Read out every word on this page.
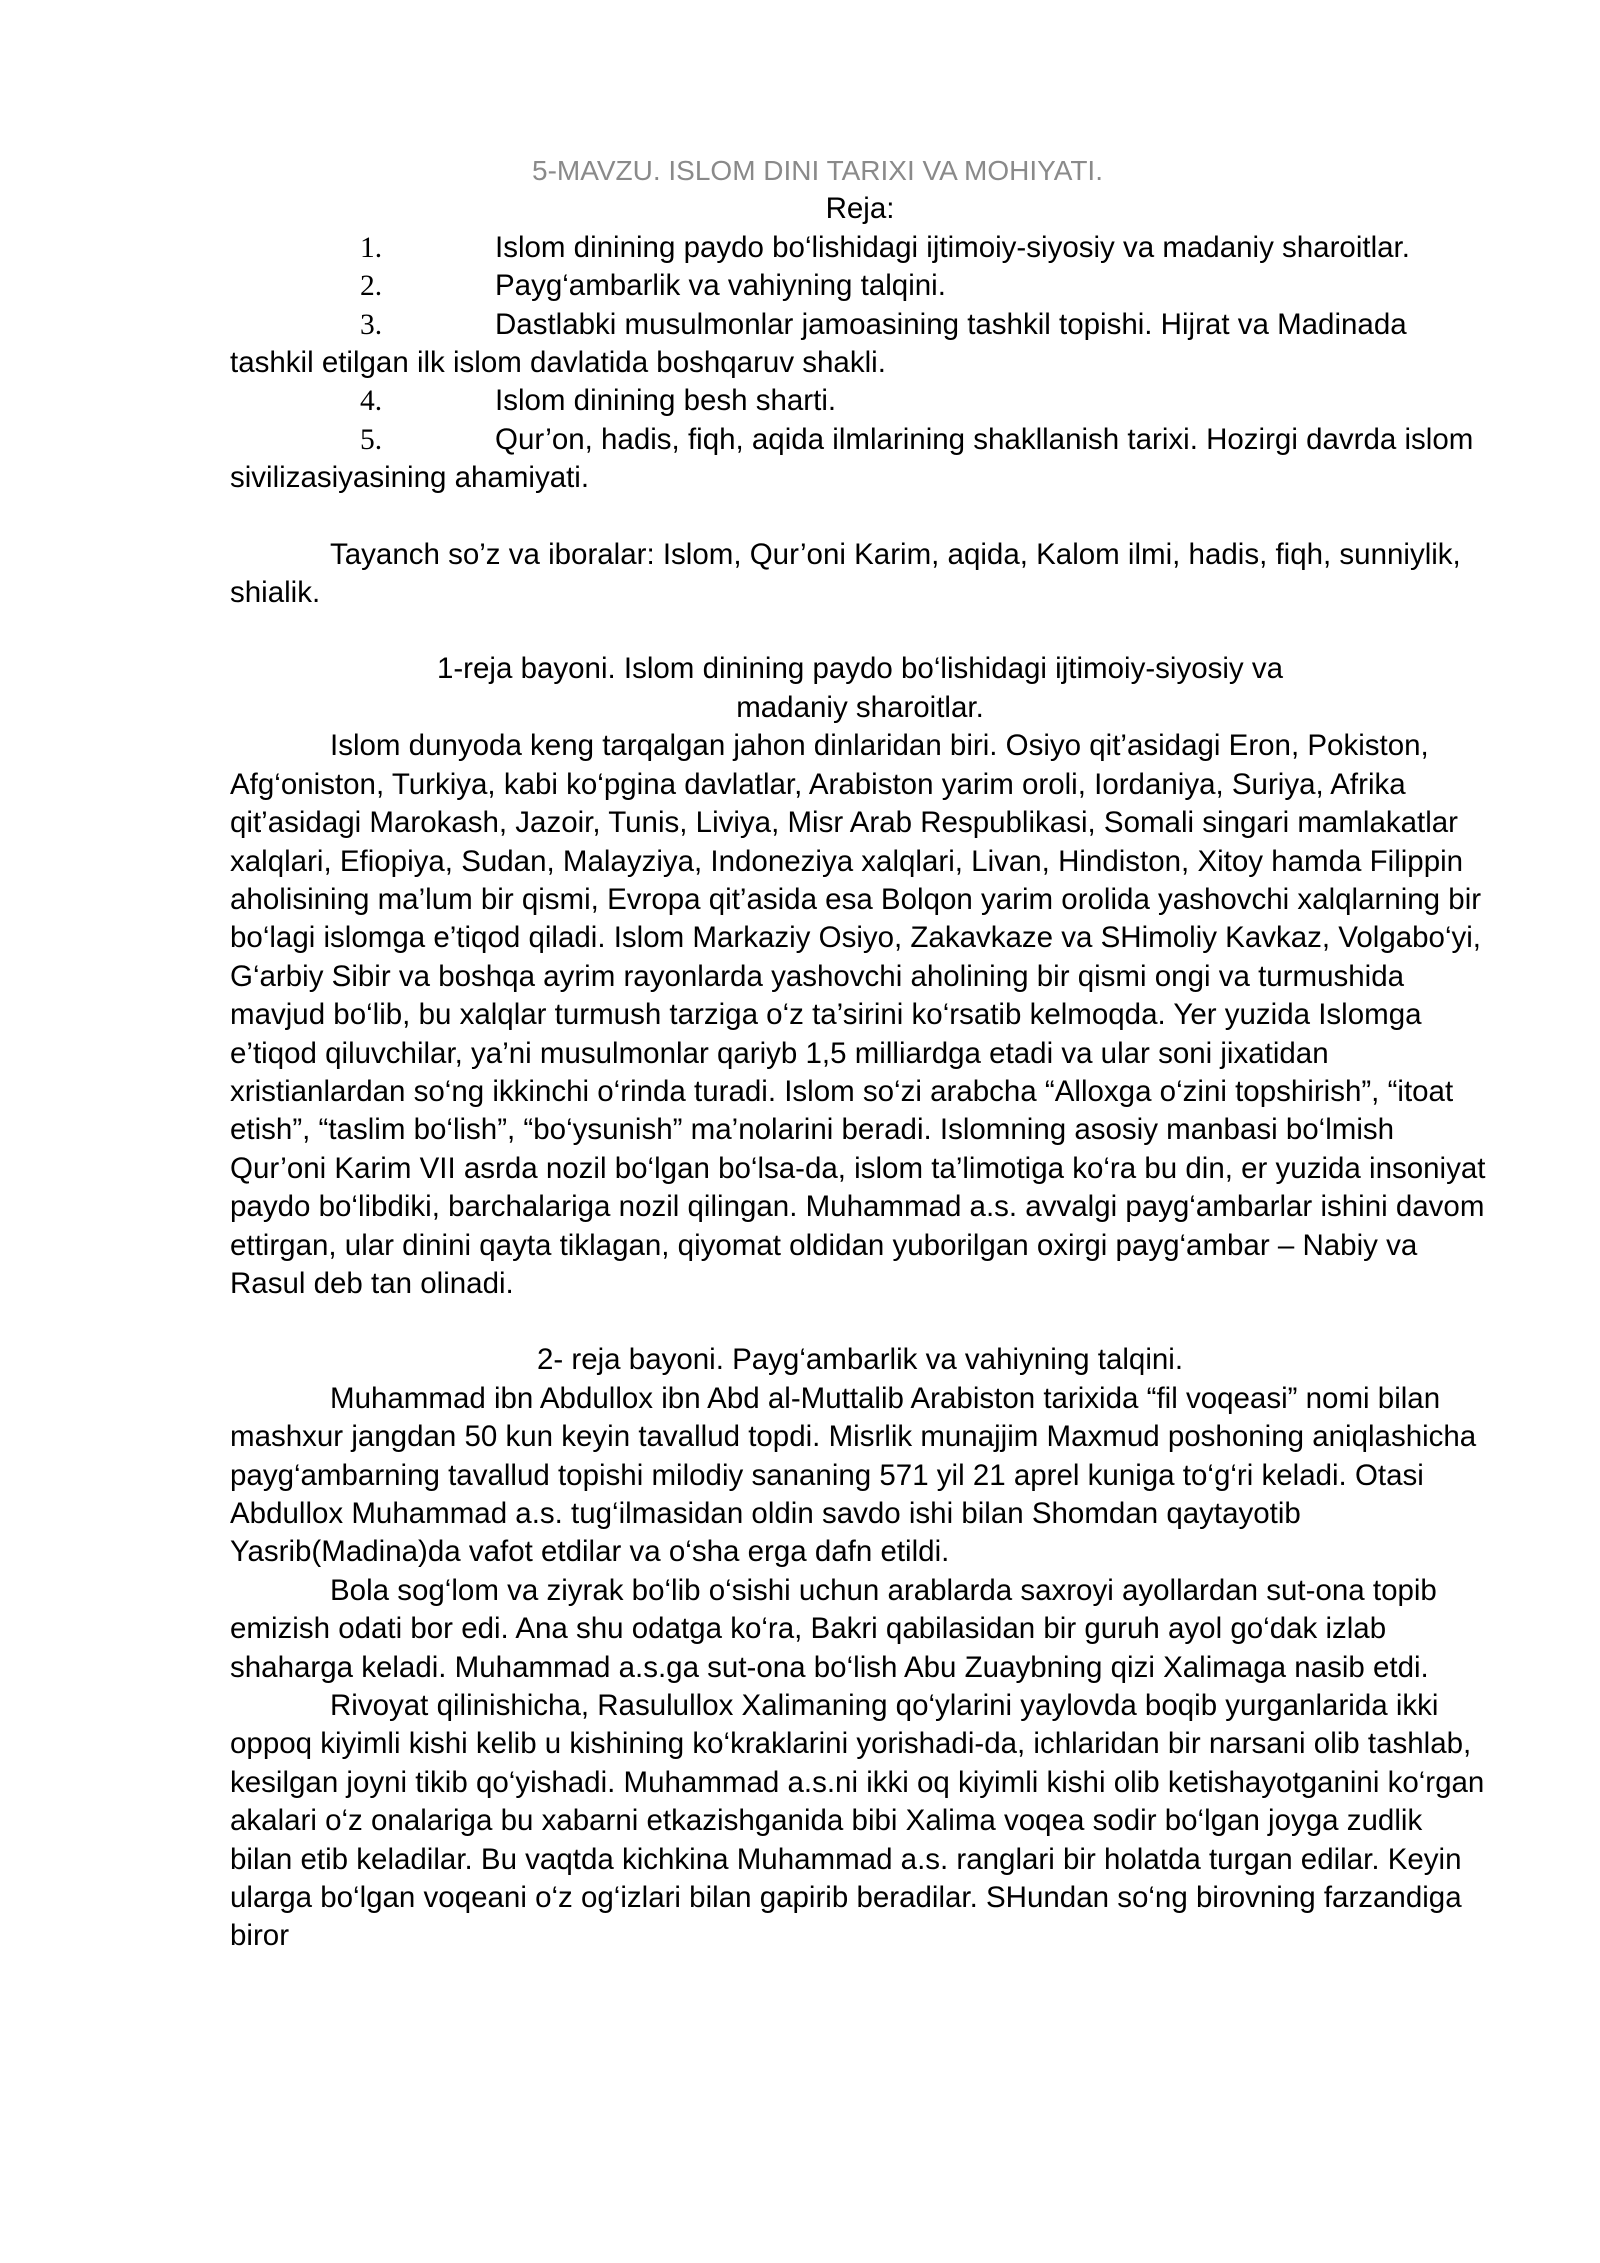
5-MAVZU. ISLOM DINI TARIXI VA MOHIYATI.

Reja:

1.	Islom dinining paydo bo‘lishidagi ijtimoiy-siyosiy va madaniy sharoitlar.

2.	Payg‘ambarlik va vahiyning talqini.

3.	Dastlabki musulmonlar jamoasining tashkil topishi. Hijrat va Madinada tashkil etilgan ilk islom davlatida boshqaruv shakli.

4.	Islom dinining besh sharti.

5.	Qur’on, hadis, fiqh, aqida ilmlarining shakllanish tarixi. Hozirgi davrda islom sivilizasiyasining ahamiyati.

Tayanch so’z va iboralar: Islom, Qur’oni Karim, aqida, Kalom ilmi, hadis, fiqh, sunniylik, shialik.

1-reja bayoni. Islom dinining paydo bo‘lishidagi ijtimoiy-siyosiy va
madaniy sharoitlar.

Islom dunyoda keng tarqalgan jahon dinlaridan biri. Osiyo qit’asidagi Eron, Pokiston, Afg‘oniston, Turkiya, kabi ko‘pgina davlatlar, Arabiston yarim oroli, Iordaniya, Suriya, Afrika qit’asidagi Marokash, Jazoir, Tunis, Liviya, Misr Arab Respublikasi, Somali singari mamlakatlar xalqlari, Efiopiya, Sudan, Malayziya, Indoneziya xalqlari, Livan, Hindiston, Xitoy hamda Filippin aholisining ma’lum bir qismi, Evropa qit’asida esa Bolqon yarim orolida yashovchi xalqlarning bir bo‘lagi islomga e’tiqod qiladi. Islom Markaziy Osiyo, Zakavkaze va SHimoliy Kavkaz, Volgabo‘yi, G‘arbiy Sibir va boshqa ayrim rayonlarda yashovchi aholining bir qismi ongi va turmushida mavjud bo‘lib, bu xalqlar turmush tarziga o‘z ta’sirini ko‘rsatib kelmoqda. Yer yuzida Islomga e’tiqod qiluvchilar, ya’ni musulmonlar qariyb 1,5 milliardga etadi va ular soni jixatidan xristianlardan so‘ng ikkinchi o‘rinda turadi. Islom so‘zi arabcha “Alloxga o‘zini topshirish”, “itoat etish”, “taslim bo‘lish”, “bo‘ysunish” ma’nolarini beradi. Islomning asosiy manbasi bo‘lmish Qur’oni Karim VII asrda nozil bo‘lgan bo‘lsa-da, islom ta’limotiga ko‘ra bu din, er yuzida insoniyat paydo bo‘libdiki, barchalariga nozil qilingan. Muhammad a.s. avvalgi payg‘ambarlar ishini davom ettirgan, ular dinini qayta tiklagan, qiyomat oldidan yuborilgan oxirgi payg‘ambar – Nabiy va Rasul deb tan olinadi.

2- reja bayoni. Payg‘ambarlik va vahiyning talqini.

Muhammad ibn Abdullox ibn Abd al-Muttalib Arabiston tarixida “fil voqeasi” nomi bilan mashxur jangdan 50 kun keyin tavallud topdi. Misrlik munajjim Maxmud poshoning aniqlashicha payg‘ambarning tavallud topishi milodiy sananing 571 yil 21 aprel kuniga to‘g‘ri keladi. Otasi Abdullox Muhammad a.s. tug‘ilmasidan oldin savdo ishi bilan Shomdan qaytayotib Yasrib(Madina)da vafot etdilar va o‘sha erga dafn etildi.

Bola sog‘lom va ziyrak bo‘lib o‘sishi uchun arablarda saxroyi ayollardan sut-ona topib emizish odati bor edi. Ana shu odatga ko‘ra, Bakri qabilasidan bir guruh ayol go‘dak izlab shaharga keladi. Muhammad a.s.ga sut-ona bo‘lish Abu Zuaybning qizi Xalimaga nasib etdi.

Rivoyat qilinishicha, Rasulullox Xalimaning qo‘ylarini yaylovda boqib yurganlarida ikki oppoq kiyimli kishi kelib u kishining ko‘kraklarini yorishadi-da, ichlaridan bir narsani olib tashlab, kesilgan joyni tikib qo‘yishadi. Muhammad a.s.ni ikki oq kiyimli kishi olib ketishayotganini ko‘rgan akalari o‘z onalariga bu xabarni etkazishganida bibi Xalima voqea sodir bo‘lgan joyga zudlik bilan etib keladilar. Bu vaqtda kichkina Muhammad a.s. ranglari bir holatda turgan edilar. Keyin ularga bo‘lgan voqeani o‘z og‘izlari bilan gapirib beradilar. SHundan so‘ng birovning farzandiga biror
